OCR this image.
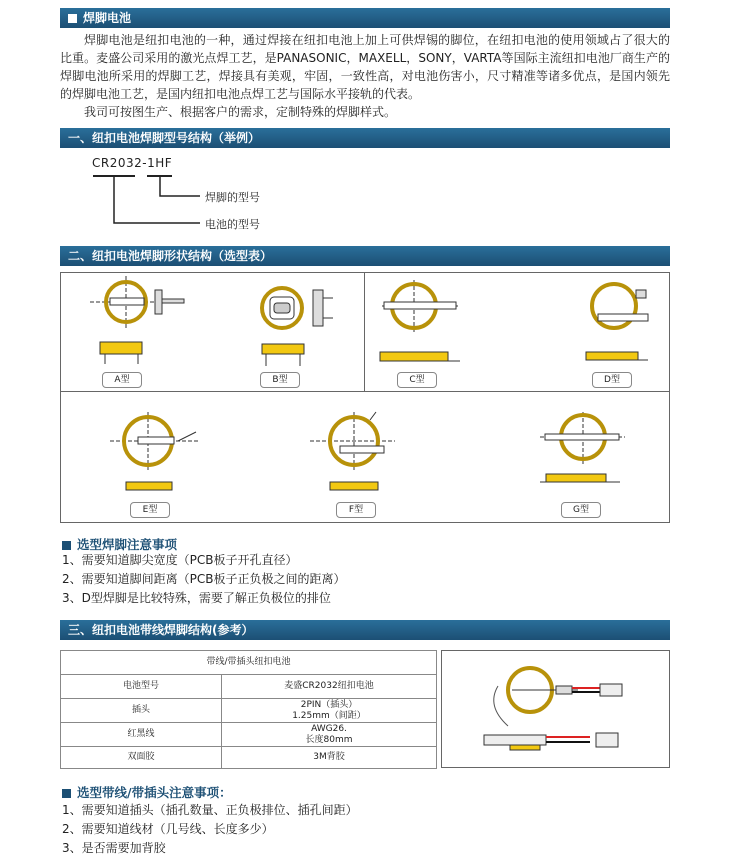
焊脚电池

焊脚电池是纽扣电池的一种，通过焊接在纽扣电池上加上可供焊锡的脚位，在纽扣电池的使用领域占了很大的比重。麦盛公司采用的激光点焊工艺，是PANASONIC，MAXELL，SONY，VARTA等国际主流纽扣电池厂商生产的焊脚电池所采用的焊脚工艺，焊接具有美观，牢固，一致性高，对电池伤害小，尺寸精准等诸多优点，是国内领先的焊脚电池工艺，是国内纽扣电池点焊工艺与国际水平接轨的代表。

我司可按图生产、根据客户的需求，定制特殊的焊脚样式。

一、纽扣电池焊脚型号结构（举例）
CR2032-1HF
焊脚的型号
电池的型号
二、纽扣电池焊脚形状结构（选型表）
A型	B型	C型	D型
E型	F型	G型
选型焊脚注意事项
1、需要知道脚尖宽度（PCB板子开孔直径）
2、需要知道脚间距离（PCB板子正负极之间的距离）
3、D型焊脚是比较特殊，需要了解正负极位的排位
三、纽扣电池带线焊脚结构(参考）
带线/带插头纽扣电池	
电池型号	麦盛CR2032纽扣电池

插头	2PIN（插头）
1.25mm（间距）

红黑线	AWG26.
长度80mm

双面胶	3M背胶
选型带线/带插头注意事项：
1、需要知道插头（插孔数量、正负极排位、插孔间距）
2、需要知道线材（几号线、长度多少）
3、是否需要加背胶
